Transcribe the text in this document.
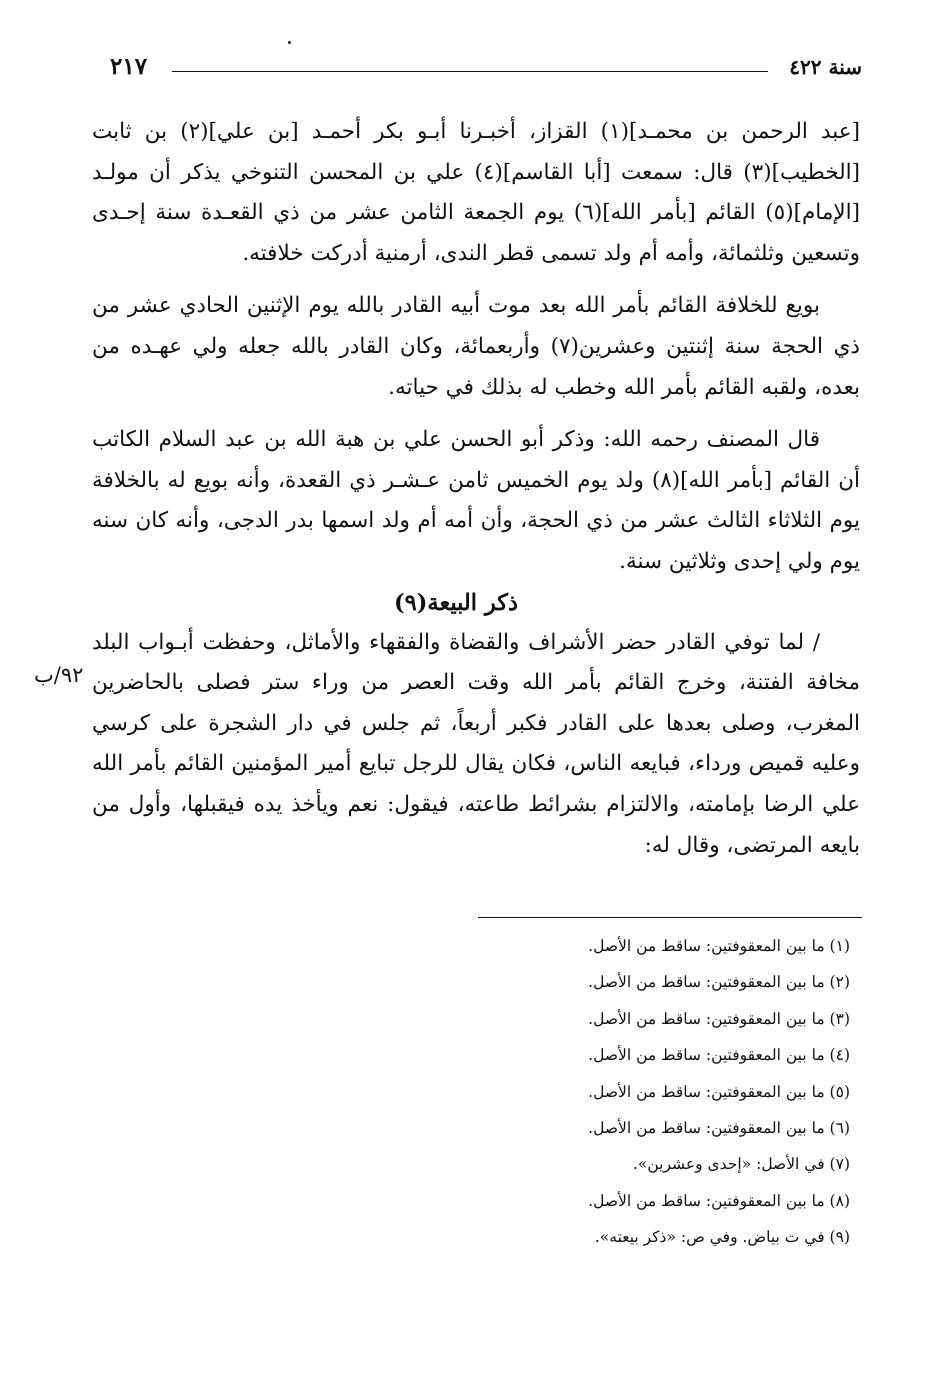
٢١٧	سنة ٤٢٢

[عبد الرحمن بن محمـد](١) القزاز، أخبـرنا أبـو بكر أحمـد [بن علي](٢) بن ثابت [الخطيب](٣) قال: سمعت [أبا القاسم](٤) علي بن المحسن التنوخي يذكر أن مولـد [الإمام](٥) القائم [بأمر الله](٦) يوم الجمعة الثامن عشر من ذي القعـدة سنة إحـدى وتسعين وثلثمائة، وأمه أم ولد تسمى قطر الندى، أرمنية أدركت خلافته.

بويع للخلافة القائم بأمر الله بعد موت أبيه القادر بالله يوم الإثنين الحادي عشر من ذي الحجة سنة إثنتين وعشرين(٧) وأربعمائة، وكان القادر بالله جعله ولي عهـده من بعده، ولقبه القائم بأمر الله وخطب له بذلك في حياته.

قال المصنف رحمه الله: وذكر أبو الحسن علي بن هبة الله بن عبد السلام الكاتب أن القائم [بأمر الله](٨) ولد يوم الخميس ثامن عـشـر ذي القعدة، وأنه بويع له بالخلافة يوم الثلاثاء الثالث عشر من ذي الحجة، وأن أمه أم ولد اسمها بدر الدجى، وأنه كان سنه يوم ولي إحدى وثلاثين سنة.

ذكر البيعة(٩)

/ لما توفي القادر حضر الأشراف والقضاة والفقهاء والأماثل، وحفظت أبـواب البلد مخافة الفتنة، وخرج القائم بأمر الله وقت العصر من وراء ستر فصلى بالحاضرين المغرب، وصلى بعدها على القادر فكبر أربعاً، ثم جلس في دار الشجرة على كرسي وعليه قميص ورداء، فبايعه الناس، فكان يقال للرجل تبايع أمير المؤمنين القائم بأمر الله علي الرضا بإمامته، والالتزام بشرائط طاعته، فيقول: نعم ويأخذ يده فيقبلها، وأول من بايعه المرتضى، وقال له:

٩٢/ب
(١) ما بين المعقوفتين: ساقط من الأصل.
(٢) ما بين المعقوفتين: ساقط من الأصل.
(٣) ما بين المعقوفتين: ساقط من الأصل.
(٤) ما بين المعقوفتين: ساقط من الأصل.
(٥) ما بين المعقوفتين: ساقط من الأصل.
(٦) ما بين المعقوفتين: ساقط من الأصل.
(٧) في الأصل: «إحدى وعشرين».
(٨) ما بين المعقوفتين: ساقط من الأصل.
(٩) في ت بياض. وفي ص: «ذكر بيعته».
